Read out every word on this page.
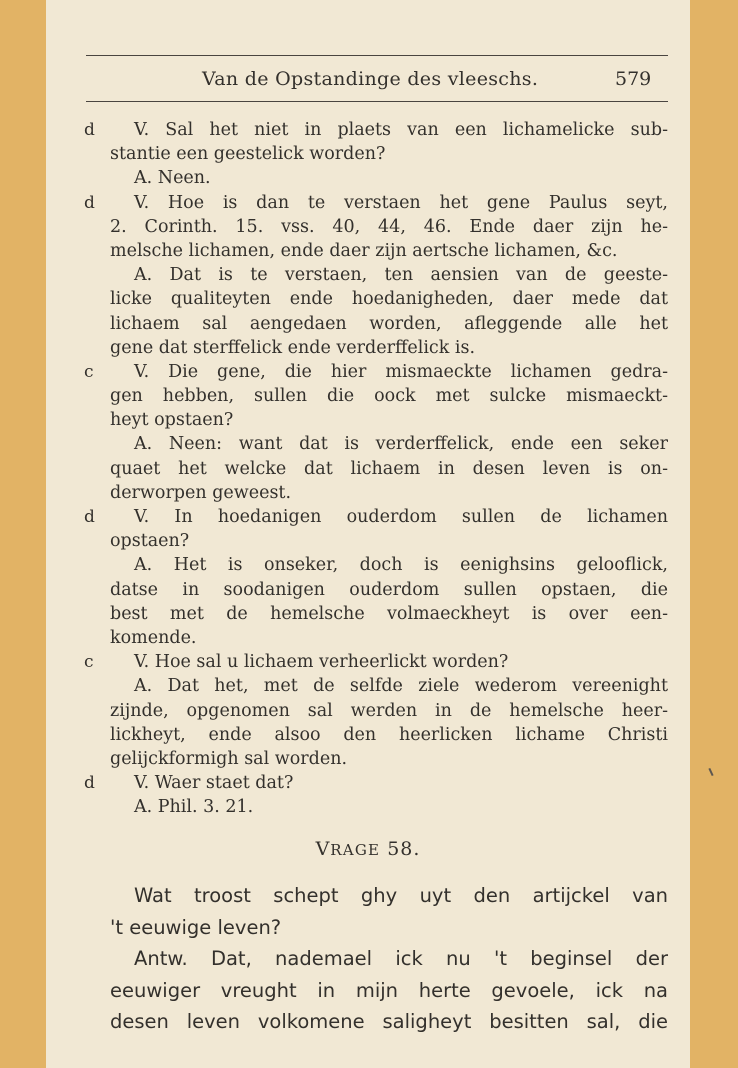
Van de Opstandinge des vleeschs.	579
d V. Sal het niet in plaets van een lichamelicke sub-
stantie een geestelick worden?
A. Neen.
d V. Hoe is dan te verstaen het gene Paulus seyt,
2. Corinth. 15. vss. 40, 44, 46. Ende daer zijn he-
melsche lichamen, ende daer zijn aertsche lichamen, &c.
A. Dat is te verstaen, ten aensien van de geeste-
licke qualiteyten ende hoedanigheden, daer mede dat
lichaem sal aengedaen worden, afleggende alle het
gene dat sterffelick ende verderffelick is.
c V. Die gene, die hier mismaeckte lichamen gedra-
gen hebben, sullen die oock met sulcke mismaeckt-
heyt opstaen?
A. Neen: want dat is verderffelick, ende een seker
quaet het welcke dat lichaem in desen leven is on-
derworpen geweest.
d V. In hoedanigen ouderdom sullen de lichamen
opstaen?
A. Het is onseker, doch is eenighsins gelooflick,
datse in soodanigen ouderdom sullen opstaen, die
best met de hemelsche volmaeckheyt is over een-
komende.
c V. Hoe sal u lichaem verheerlickt worden?
A. Dat het, met de selfde ziele wederom vereenight
zijnde, opgenomen sal werden in de hemelsche heer-
lickheyt, ende alsoo den heerlicken lichame Christi
gelijckformigh sal worden.
d V. Waer staet dat?
A. Phil. 3. 21.
VRAGE 58.
Wat troost schept ghy uyt den artijckel van
't eeuwige leven?
Antw. Dat, nademael ick nu 't beginsel der
eeuwiger vreught in mijn herte gevoele, ick na
desen leven volkomene saligheyt besitten sal, die
